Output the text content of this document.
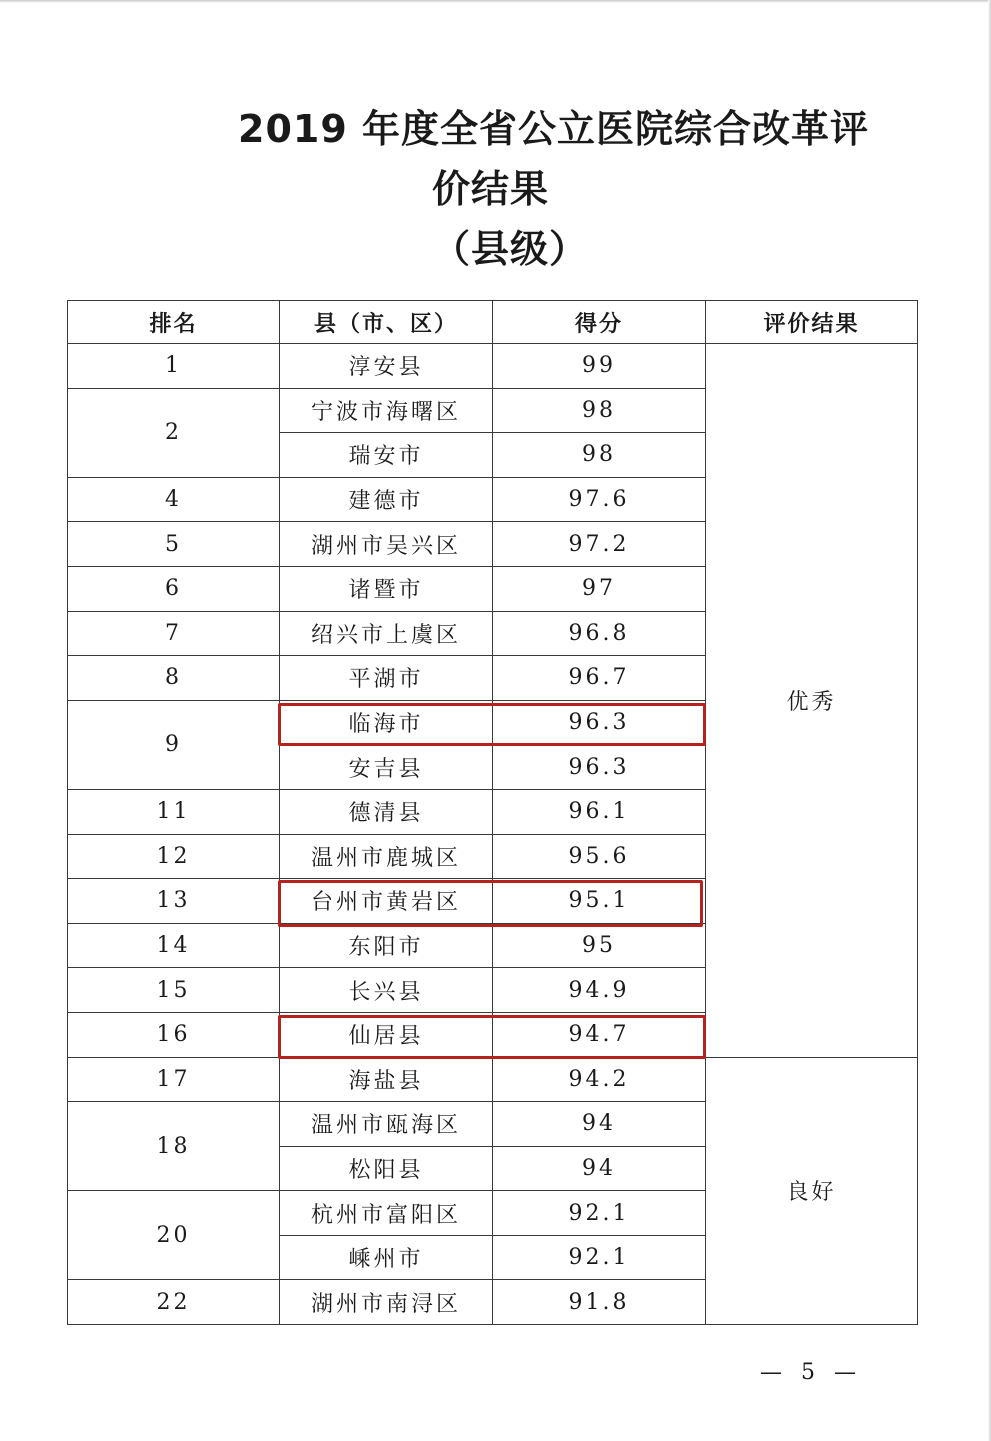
2019 年度全省公立医院综合改革评
价结果
（县级）
排名	县（市、区）	得分	评价结果
1	淳安县	99	优秀
2	宁波市海曙区	98	
	瑞安市	98	
4	建德市	97.6	
5	湖州市吴兴区	97.2	
6	诸暨市	97	
7	绍兴市上虞区	96.8	
8	平湖市	96.7	
9	临海市	96.3	
	安吉县	96.3	
11	德清县	96.1	
12	温州市鹿城区	95.6	
13	台州市黄岩区	95.1	
14	东阳市	95	
15	长兴县	94.9	
16	仙居县	94.7	
17	海盐县	94.2	良好
18	温州市瓯海区	94	
	松阳县	94	
20	杭州市富阳区	92.1	
	嵊州市	92.1	
22	湖州市南浔区	91.8	
— 5 —
